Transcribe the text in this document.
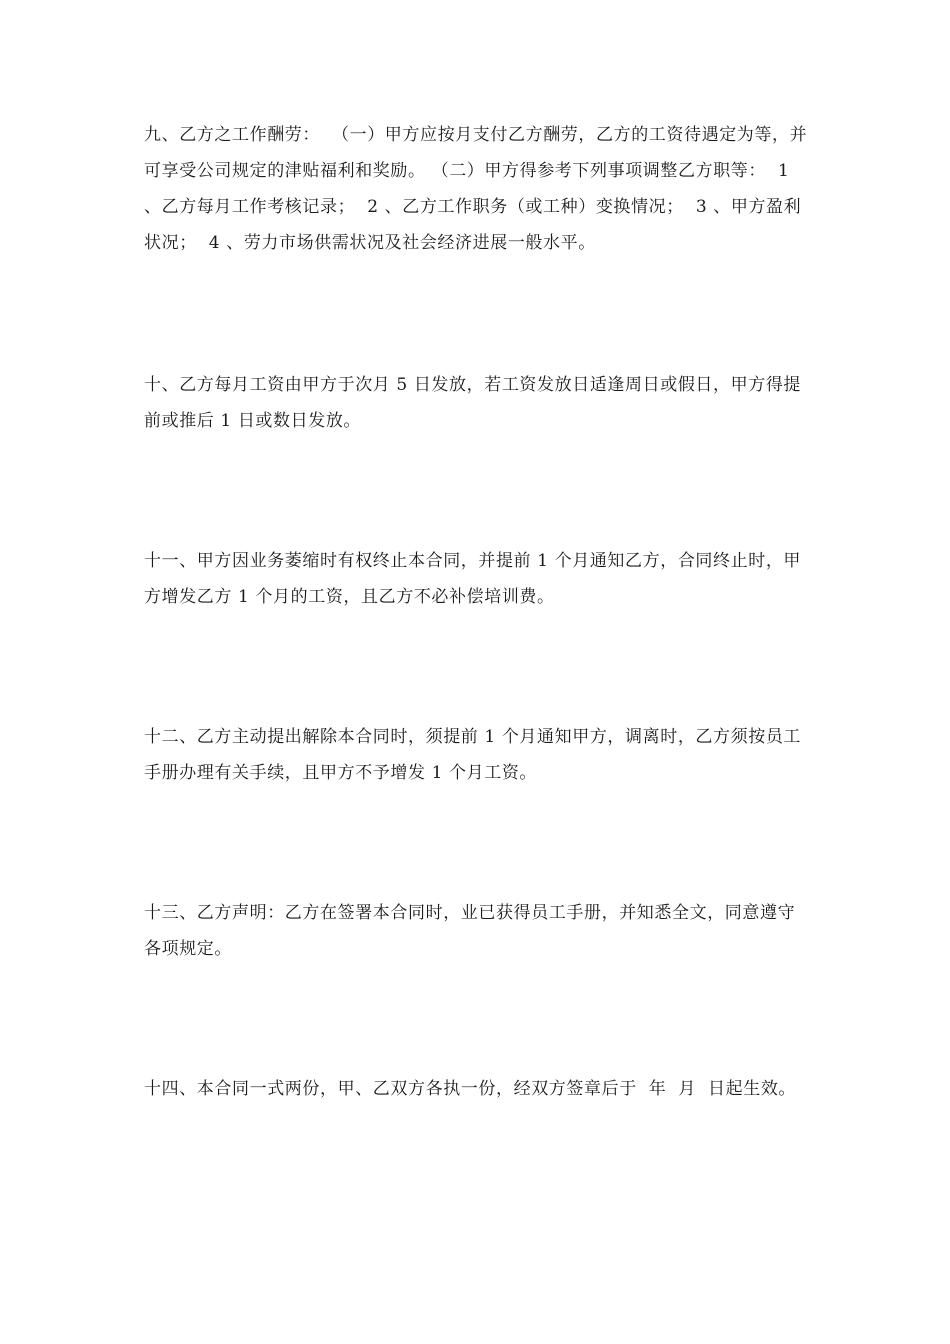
九、乙方之工作酬劳：  （一）甲方应按月支付乙方酬劳，乙方的工资待遇定为等，并可享受公司规定的津贴福利和奖励。 （二）甲方得参考下列事项调整乙方职等：  1 、乙方每月工作考核记录；  2 、乙方工作职务（或工种）变换情况；  3 、甲方盈利状况；  4 、劳力市场供需状况及社会经济进展一般水平。

十、乙方每月工资由甲方于次月 5 日发放，若工资发放日适逢周日或假日，甲方得提前或推后 1 日或数日发放。

十一、甲方因业务萎缩时有权终止本合同，并提前 1 个月通知乙方，合同终止时，甲方增发乙方 1 个月的工资，且乙方不必补偿培训费。

十二、乙方主动提出解除本合同时，须提前 1 个月通知甲方，调离时，乙方须按员工手册办理有关手续，且甲方不予增发 1 个月工资。

十三、乙方声明：乙方在签署本合同时，业已获得员工手册，并知悉全文，同意遵守各项规定。

十四、本合同一式两份，甲、乙双方各执一份，经双方签章后于  年  月  日起生效。
